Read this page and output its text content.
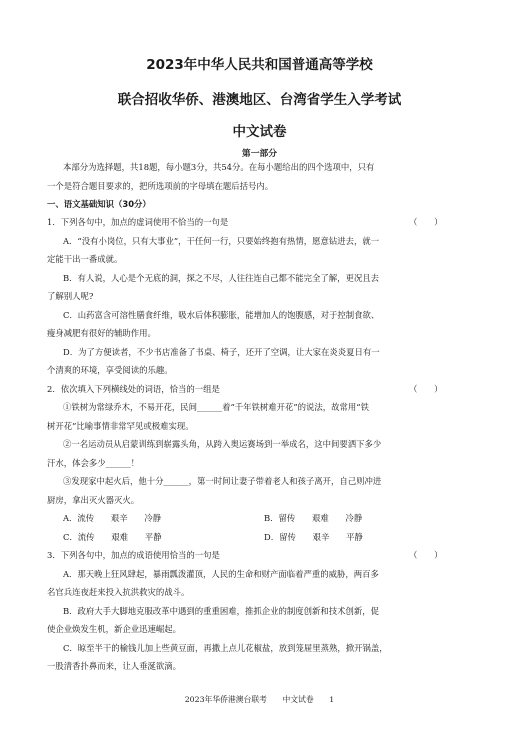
2023年中华人民共和国普通高等学校
联合招收华侨、港澳地区、台湾省学生入学考试
中文试卷
第一部分
本部分为选择题，共18题，每小题3分，共54分。在每小题给出的四个选项中，只有
一个是符合题目要求的，把所选项前的字母填在题后括号内。
一、语文基础知识（30分）
1．下列各句中，加点的虚词使用不恰当的一句是	（　　）
A．“没有小岗位，只有大事业”，干任何一行，只要始终抱有热情，愿意钻进去，就一
定能干出一番成就。
B．有人说，人心是个无底的洞，探之不尽，人往往连自己都不能完全了解，更况且去
了解别人呢?
C．山药富含可溶性膳食纤维，吸水后体积膨胀，能增加人的饱腹感，对于控制食欲、
瘦身减肥有很好的辅助作用。
D．为了方便读者，不少书店准备了书桌、椅子，还开了空调，让大家在炎炎夏日有一
个清爽的环境，享受阅读的乐趣。
2．依次填入下列横线处的词语，恰当的一组是	（　　）
①铁树为常绿乔木，不易开花，民间______着“千年铁树难开花”的说法，故常用“铁
树开花”比喻事情非常罕见或极难实现。
②一名运动员从启蒙训练到崭露头角，从跨入奥运赛场到一举成名，这中间要洒下多少
汗水，体会多少______！
③发现家中起火后，他十分______，第一时间让妻子带着老人和孩子离开，自己则冲进
厨房，拿出灭火器灭火。
A．流传　　艰辛　　冷静	B．留传　　艰难　　冷静
C．流传　　艰难　　平静	D．留传　　艰辛　　平静
3．下列各句中，加点的成语使用恰当的一句是	（　　）
A．那天晚上狂风肆起，暴雨瓢泼灌顶，人民的生命和财产面临着严重的威胁，两百多
名官兵连夜赶来投入抗洪救灾的战斗。
B．政府大手大脚地克服改革中遇到的重重困难，推抓企业的制度创新和技术创新，促
使企业焕发生机，新企业迅速崛起。
C．晾至半干的榆钱儿加上些黄豆面，再撒上点儿花椒盐，放到笼屉里蒸熟，掀开锅盖，
一股清香扑鼻而来，让人垂涎欲滴。
2023年华侨港澳台联考　　中文试卷　　1
